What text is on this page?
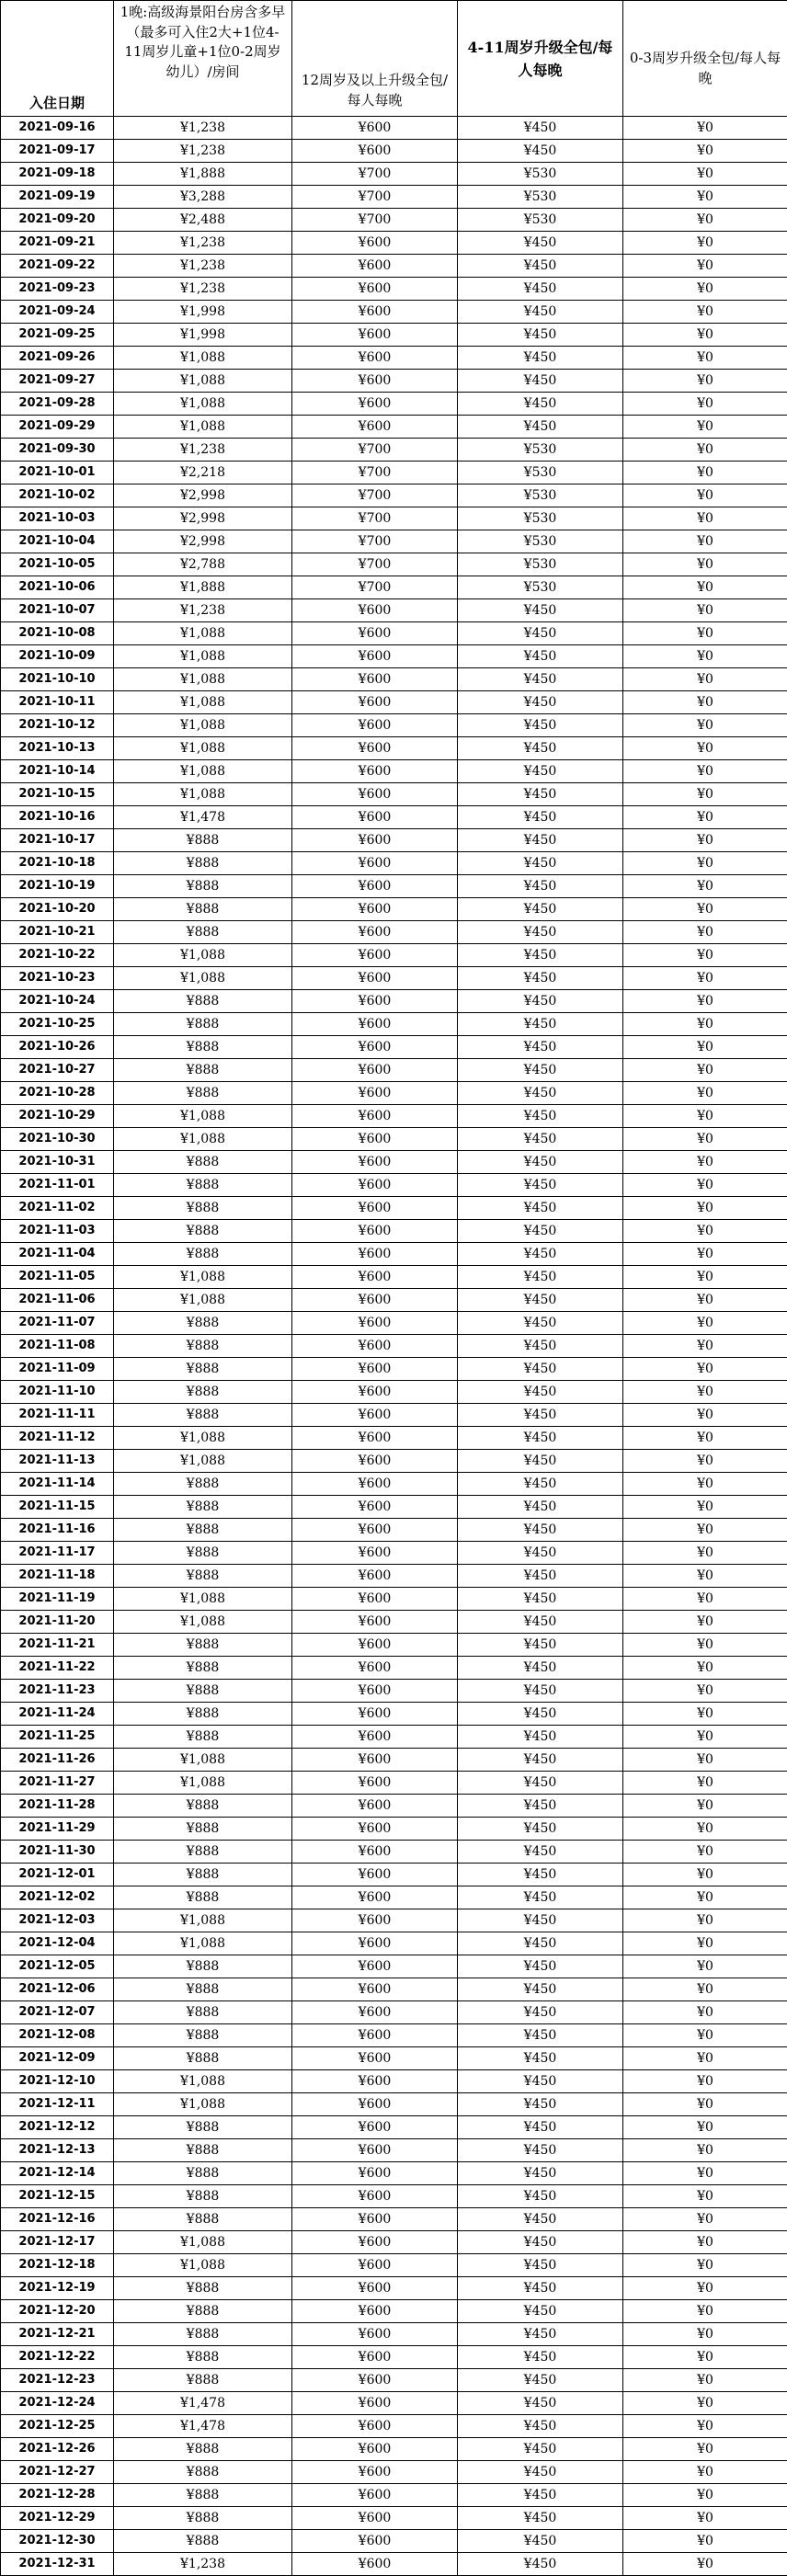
入住日期	1晚:高级海景阳台房含多早（最多可入住2大+1位4-11周岁儿童+1位0-2周岁幼儿）/房间	12周岁及以上升级全包/每人每晚	4-11周岁升级全包/每人每晚	0-3周岁升级全包/每人每晚
2021-09-16	¥1,238	¥600	¥450	¥0
2021-09-17	¥1,238	¥600	¥450	¥0
2021-09-18	¥1,888	¥700	¥530	¥0
2021-09-19	¥3,288	¥700	¥530	¥0
2021-09-20	¥2,488	¥700	¥530	¥0
2021-09-21	¥1,238	¥600	¥450	¥0
2021-09-22	¥1,238	¥600	¥450	¥0
2021-09-23	¥1,238	¥600	¥450	¥0
2021-09-24	¥1,998	¥600	¥450	¥0
2021-09-25	¥1,998	¥600	¥450	¥0
2021-09-26	¥1,088	¥600	¥450	¥0
2021-09-27	¥1,088	¥600	¥450	¥0
2021-09-28	¥1,088	¥600	¥450	¥0
2021-09-29	¥1,088	¥600	¥450	¥0
2021-09-30	¥1,238	¥700	¥530	¥0
2021-10-01	¥2,218	¥700	¥530	¥0
2021-10-02	¥2,998	¥700	¥530	¥0
2021-10-03	¥2,998	¥700	¥530	¥0
2021-10-04	¥2,998	¥700	¥530	¥0
2021-10-05	¥2,788	¥700	¥530	¥0
2021-10-06	¥1,888	¥700	¥530	¥0
2021-10-07	¥1,238	¥600	¥450	¥0
2021-10-08	¥1,088	¥600	¥450	¥0
2021-10-09	¥1,088	¥600	¥450	¥0
2021-10-10	¥1,088	¥600	¥450	¥0
2021-10-11	¥1,088	¥600	¥450	¥0
2021-10-12	¥1,088	¥600	¥450	¥0
2021-10-13	¥1,088	¥600	¥450	¥0
2021-10-14	¥1,088	¥600	¥450	¥0
2021-10-15	¥1,088	¥600	¥450	¥0
2021-10-16	¥1,478	¥600	¥450	¥0
2021-10-17	¥888	¥600	¥450	¥0
2021-10-18	¥888	¥600	¥450	¥0
2021-10-19	¥888	¥600	¥450	¥0
2021-10-20	¥888	¥600	¥450	¥0
2021-10-21	¥888	¥600	¥450	¥0
2021-10-22	¥1,088	¥600	¥450	¥0
2021-10-23	¥1,088	¥600	¥450	¥0
2021-10-24	¥888	¥600	¥450	¥0
2021-10-25	¥888	¥600	¥450	¥0
2021-10-26	¥888	¥600	¥450	¥0
2021-10-27	¥888	¥600	¥450	¥0
2021-10-28	¥888	¥600	¥450	¥0
2021-10-29	¥1,088	¥600	¥450	¥0
2021-10-30	¥1,088	¥600	¥450	¥0
2021-10-31	¥888	¥600	¥450	¥0
2021-11-01	¥888	¥600	¥450	¥0
2021-11-02	¥888	¥600	¥450	¥0
2021-11-03	¥888	¥600	¥450	¥0
2021-11-04	¥888	¥600	¥450	¥0
2021-11-05	¥1,088	¥600	¥450	¥0
2021-11-06	¥1,088	¥600	¥450	¥0
2021-11-07	¥888	¥600	¥450	¥0
2021-11-08	¥888	¥600	¥450	¥0
2021-11-09	¥888	¥600	¥450	¥0
2021-11-10	¥888	¥600	¥450	¥0
2021-11-11	¥888	¥600	¥450	¥0
2021-11-12	¥1,088	¥600	¥450	¥0
2021-11-13	¥1,088	¥600	¥450	¥0
2021-11-14	¥888	¥600	¥450	¥0
2021-11-15	¥888	¥600	¥450	¥0
2021-11-16	¥888	¥600	¥450	¥0
2021-11-17	¥888	¥600	¥450	¥0
2021-11-18	¥888	¥600	¥450	¥0
2021-11-19	¥1,088	¥600	¥450	¥0
2021-11-20	¥1,088	¥600	¥450	¥0
2021-11-21	¥888	¥600	¥450	¥0
2021-11-22	¥888	¥600	¥450	¥0
2021-11-23	¥888	¥600	¥450	¥0
2021-11-24	¥888	¥600	¥450	¥0
2021-11-25	¥888	¥600	¥450	¥0
2021-11-26	¥1,088	¥600	¥450	¥0
2021-11-27	¥1,088	¥600	¥450	¥0
2021-11-28	¥888	¥600	¥450	¥0
2021-11-29	¥888	¥600	¥450	¥0
2021-11-30	¥888	¥600	¥450	¥0
2021-12-01	¥888	¥600	¥450	¥0
2021-12-02	¥888	¥600	¥450	¥0
2021-12-03	¥1,088	¥600	¥450	¥0
2021-12-04	¥1,088	¥600	¥450	¥0
2021-12-05	¥888	¥600	¥450	¥0
2021-12-06	¥888	¥600	¥450	¥0
2021-12-07	¥888	¥600	¥450	¥0
2021-12-08	¥888	¥600	¥450	¥0
2021-12-09	¥888	¥600	¥450	¥0
2021-12-10	¥1,088	¥600	¥450	¥0
2021-12-11	¥1,088	¥600	¥450	¥0
2021-12-12	¥888	¥600	¥450	¥0
2021-12-13	¥888	¥600	¥450	¥0
2021-12-14	¥888	¥600	¥450	¥0
2021-12-15	¥888	¥600	¥450	¥0
2021-12-16	¥888	¥600	¥450	¥0
2021-12-17	¥1,088	¥600	¥450	¥0
2021-12-18	¥1,088	¥600	¥450	¥0
2021-12-19	¥888	¥600	¥450	¥0
2021-12-20	¥888	¥600	¥450	¥0
2021-12-21	¥888	¥600	¥450	¥0
2021-12-22	¥888	¥600	¥450	¥0
2021-12-23	¥888	¥600	¥450	¥0
2021-12-24	¥1,478	¥600	¥450	¥0
2021-12-25	¥1,478	¥600	¥450	¥0
2021-12-26	¥888	¥600	¥450	¥0
2021-12-27	¥888	¥600	¥450	¥0
2021-12-28	¥888	¥600	¥450	¥0
2021-12-29	¥888	¥600	¥450	¥0
2021-12-30	¥888	¥600	¥450	¥0
2021-12-31	¥1,238	¥600	¥450	¥0
